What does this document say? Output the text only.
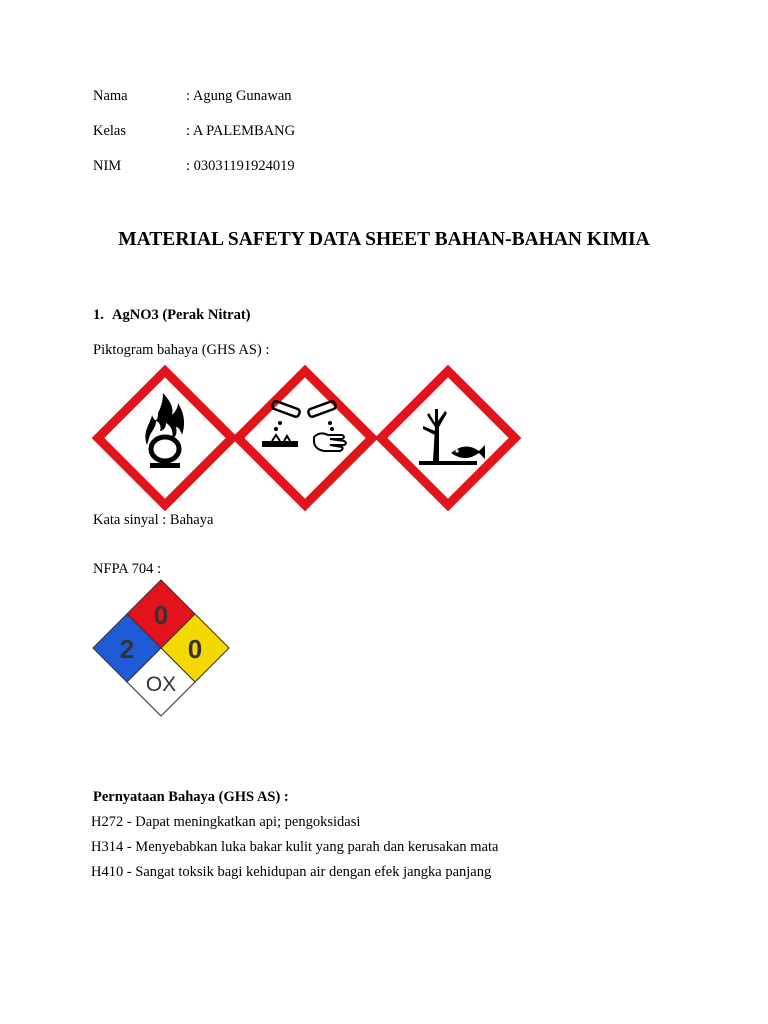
Nama	: Agung Gunawan
Kelas	: A PALEMBANG
NIM	: 03031191924019
MATERIAL SAFETY DATA SHEET BAHAN-BAHAN KIMIA
1. AgNO3 (Perak Nitrat)
Piktogram bahaya (GHS AS) :
Kata sinyal : Bahaya
NFPA 704 :
0
2 0
OX
Pernyataan Bahaya (GHS AS) :
H272 - Dapat meningkatkan api; pengoksidasi
H314 - Menyebabkan luka bakar kulit yang parah dan kerusakan mata
H410 - Sangat toksik bagi kehidupan air dengan efek jangka panjang
